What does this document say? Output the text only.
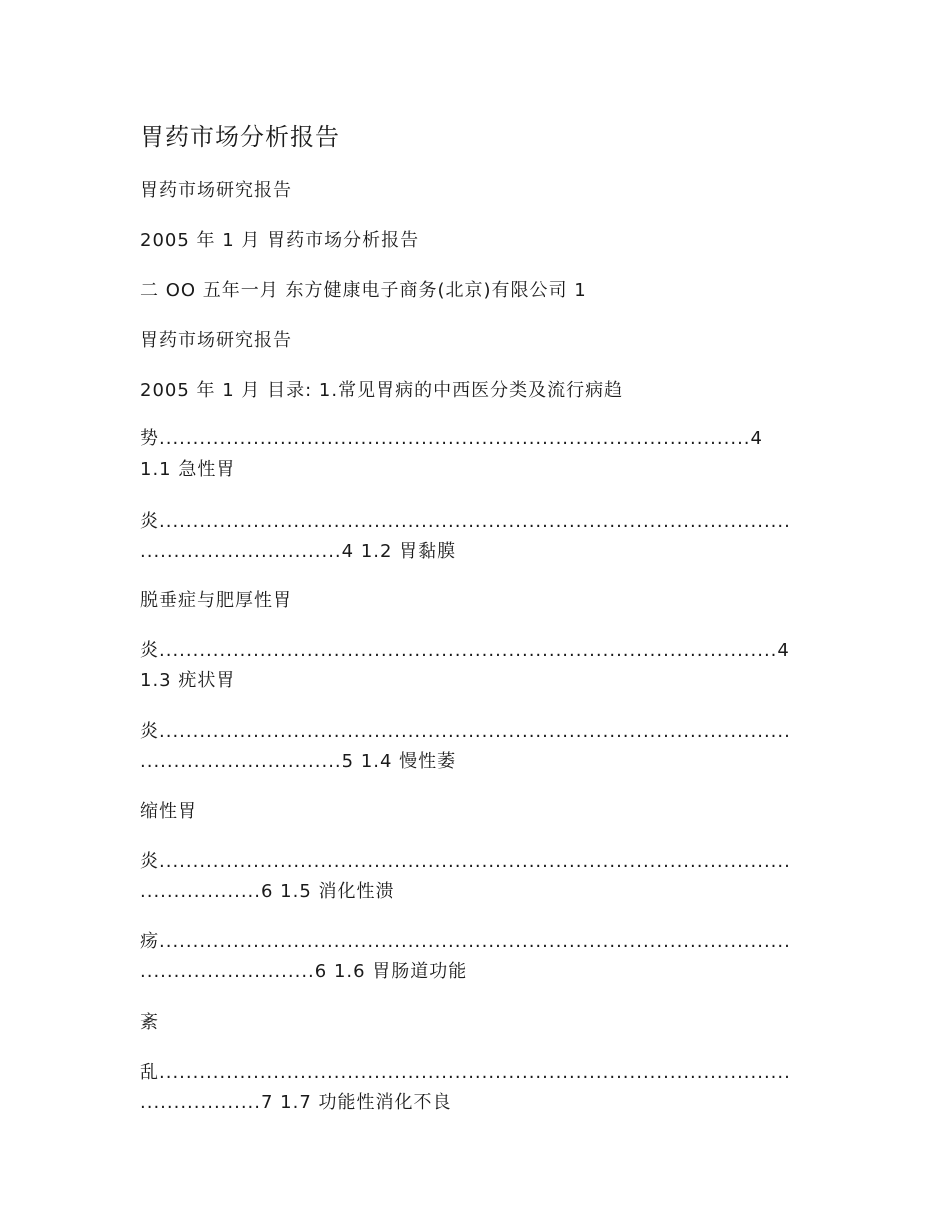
胃药市场分析报告

胃药市场研究报告

2005 年 1 月 胃药市场分析报告

二 OO 五年一月 东方健康电子商务(北京)有限公司 1

胃药市场研究报告

2005 年 1 月 目录: 1.常见胃病的中西医分类及流行病趋

势........................................................................................4

1.1 急性胃

炎..............................................................................................

..............................4 1.2 胃黏膜

脱垂症与肥厚性胃

炎............................................................................................4

1.3 疣状胃

炎..............................................................................................

..............................5 1.4 慢性萎

缩性胃

炎..............................................................................................

..................6 1.5 消化性溃

疡..............................................................................................

..........................6 1.6 胃肠道功能

紊

乱..............................................................................................

..................7 1.7 功能性消化不良
